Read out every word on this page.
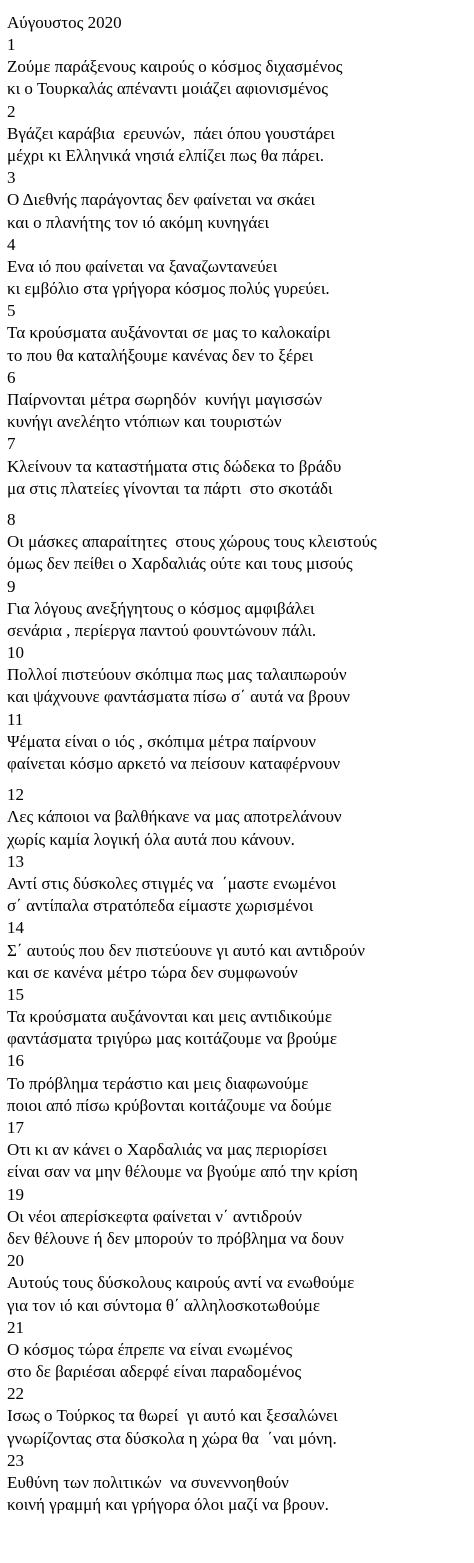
Αύγουστος 2020
1
Ζούμε παράξενους καιρούς ο κόσμος διχασμένος
κι ο Τουρκαλάς απέναντι μοιάζει αφιονισμένος
2
Βγάζει καράβια  ερευνών,  πάει όπου γουστάρει
μέχρι κι Ελληνικά νησιά ελπίζει πως θα πάρει.
3
Ο Διεθνής παράγοντας δεν φαίνεται να σκάει
και ο πλανήτης τον ιό ακόμη κυνηγάει
4
Ενα ιό που φαίνεται να ξαναζωντανεύει
κι εμβόλιο στα γρήγορα κόσμος πολύς γυρεύει.
5
Τα κρούσματα αυξάνονται σε μας το καλοκαίρι
το που θα καταλήξουμε κανένας δεν το ξέρει
6
Παίρνονται μέτρα σωρηδόν  κυνήγι μαγισσών
κυνήγι ανελέητο ντόπιων και τουριστών
7
Κλείνουν τα καταστήματα στις δώδεκα το βράδυ
μα στις πλατείες γίνονται τα πάρτι  στο σκοτάδι
8
Οι μάσκες απαραίτητες  στους χώρους τους κλειστούς
όμως δεν πείθει ο Χαρδαλιάς ούτε και τους μισούς
9
Για λόγους ανεξήγητους ο κόσμος αμφιβάλει
σενάρια , περίεργα παντού φουντώνουν πάλι.
10
Πολλοί πιστεύουν σκόπιμα πως μας ταλαιπωρούν
και ψάχνουνε φαντάσματα πίσω σ΄ αυτά να βρουν
11
Ψέματα είναι ο ιός , σκόπιμα μέτρα παίρνουν
φαίνεται κόσμο αρκετό να πείσουν καταφέρνουν
12
Λες κάποιοι να βαλθήκανε να μας αποτρελάνουν
χωρίς καμία λογική όλα αυτά που κάνουν.
13
Αντί στις δύσκολες στιγμές να  ΄μαστε ενωμένοι
σ΄ αντίπαλα στρατόπεδα είμαστε χωρισμένοι
14
Σ΄ αυτούς που δεν πιστεύουνε γι αυτό και αντιδρούν
και σε κανένα μέτρο τώρα δεν συμφωνούν
15
Τα κρούσματα αυξάνονται και μεις αντιδικούμε
φαντάσματα τριγύρω μας κοιτάζουμε να βρούμε
16
Το πρόβλημα τεράστιο και μεις διαφωνούμε
ποιοι από πίσω κρύβονται κοιτάζουμε να δούμε
17
Οτι κι αν κάνει ο Χαρδαλιάς να μας περιορίσει
είναι σαν να μην θέλουμε να βγούμε από την κρίση
19
Οι νέοι απερίσκεφτα φαίνεται ν΄ αντιδρούν
δεν θέλουνε ή δεν μπορούν το πρόβλημα να δουν
20
Αυτούς τους δύσκολους καιρούς αντί να ενωθούμε
για τον ιό και σύντομα θ΄ αλληλοσκοτωθούμε
21
Ο κόσμος τώρα έπρεπε να είναι ενωμένος
στο δε βαριέσαι αδερφέ είναι παραδομένος
22
Ισως ο Τούρκος τα θωρεί  γι αυτό και ξεσαλώνει
γνωρίζοντας στα δύσκολα η χώρα θα  ΄ναι μόνη.
23
Ευθύνη των πολιτικών  να συνεννοηθούν
κοινή γραμμή και γρήγορα όλοι μαζί να βρουν.
